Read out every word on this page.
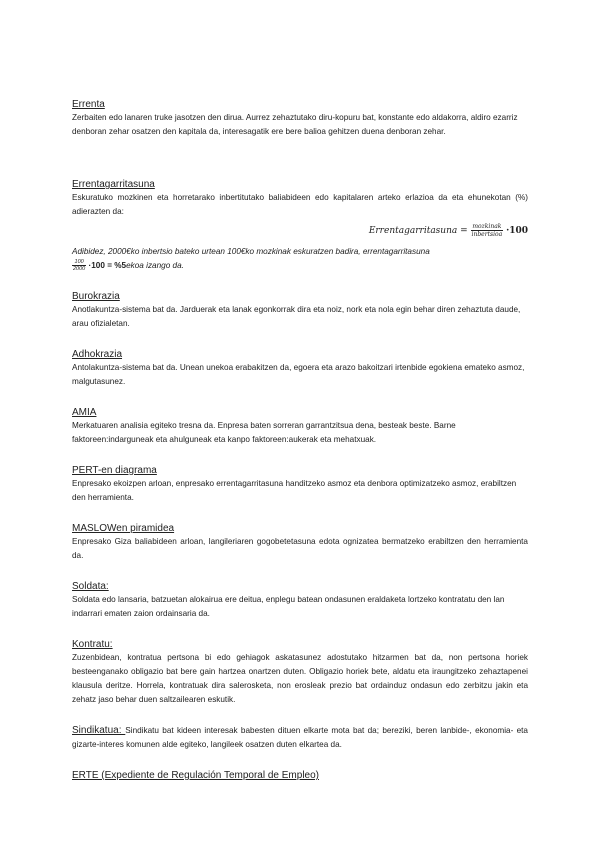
Errenta
Zerbaiten edo lanaren truke jasotzen den dirua. Aurrez zehaztutako diru-kopuru bat, konstante edo aldakorra, aldiro ezarriz denboran zehar osatzen den kapitala da, interesagatik ere bere balioa gehitzen duena denboran zehar.
Errentagarritasuna
Eskuratuko mozkinen eta horretarako inbertitutako baliabideen edo kapitalaren arteko erlazioa da eta ehunekotan (%) adierazten da:
Errentagarritasuna = $\frac{\text{mozkinak}}{\text{inbertsioa}} \cdot 100$
Adibidez, 2000€ko inbertsio bateko urtean 100€ko mozkinak eskuratzen badira, errentagarritasuna

$\frac{100}{2000} \cdot 100$ = %5ekoa izango da.
Burokrazia
Anotlakuntza-sistema bat da. Jarduerak eta lanak egonkorrak dira eta noiz, nork eta nola egin behar diren zehaztuta daude, arau ofizialetan.
Adhokrazia
Antolakuntza-sistema bat da. Unean unekoa erabakitzen da, egoera eta arazo bakoitzari irtenbide egokiena emateko asmoz, malgutasunez.
AMIA
Merkatuaren analisia egiteko tresna da. Enpresa baten sorreran garrantzitsua dena, besteak beste. Barne faktoreen:indarguneak eta ahulguneak eta kanpo faktoreen:aukerak eta mehatxuak.
PERT-en diagrama
Enpresako ekoizpen arloan, enpresako errentagarritasuna handitzeko asmoz eta denbora optimizatzeko asmoz, erabiltzen den herramienta.
MASLOWen piramidea
Enpresako Giza baliabideen arloan, langileriaren gogobetetasuna edota ognizatea bermatzeko erabiltzen den herramienta da.
Soldata:
Soldata edo lansaria, batzuetan alokairua ere deitua, enplegu batean ondasunen eraldaketa lortzeko kontratatu den lan indarrari ematen zaion ordainsaria da.
Kontratu:
Zuzenbidean, kontratua pertsona bi edo gehiagok askatasunez adostutako hitzarmen bat da, non pertsona horiek besteenganako obligazio bat bere gain hartzea onartzen duten. Obligazio horiek bete, aldatu eta iraungitzeko zehaztapenei klausula deritze. Horrela, kontratuak dira salerosketa, non erosleak prezio bat ordainduz ondasun edo zerbitzu jakin eta zehatz jaso behar duen saltzailearen eskutik.
Sindikatua: Sindikatu bat kideen interesak babesten dituen elkarte mota bat da; bereziki, beren lanbide-, ekonomia- eta gizarte-interes komunen alde egiteko, langileek osatzen duten elkartea da.
ERTE (Expediente de Regulación Temporal de Empleo)
